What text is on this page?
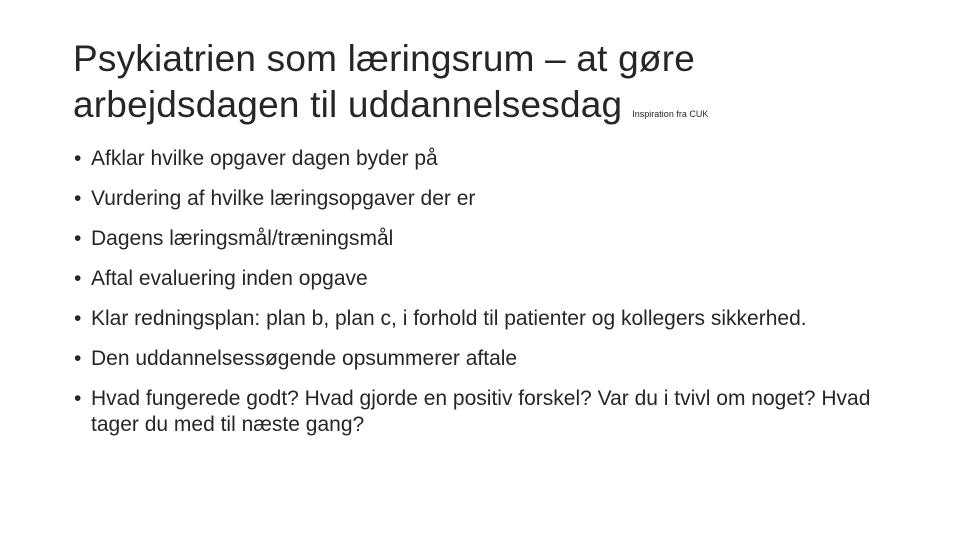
Psykiatrien som læringsrum – at gøre
arbejdsdagen til uddannelsesdag Inspiration fra CUK
• Afklar hvilke opgaver dagen byder på
• Vurdering af hvilke læringsopgaver der er
• Dagens læringsmål/træningsmål
• Aftal evaluering inden opgave
• Klar redningsplan: plan b, plan c, i forhold til patienter og kollegers sikkerhed.
• Den uddannelsessøgende opsummerer aftale
• Hvad fungerede godt? Hvad gjorde en positiv forskel? Var du i tvivl om noget? Hvad tager du med til næste gang?
